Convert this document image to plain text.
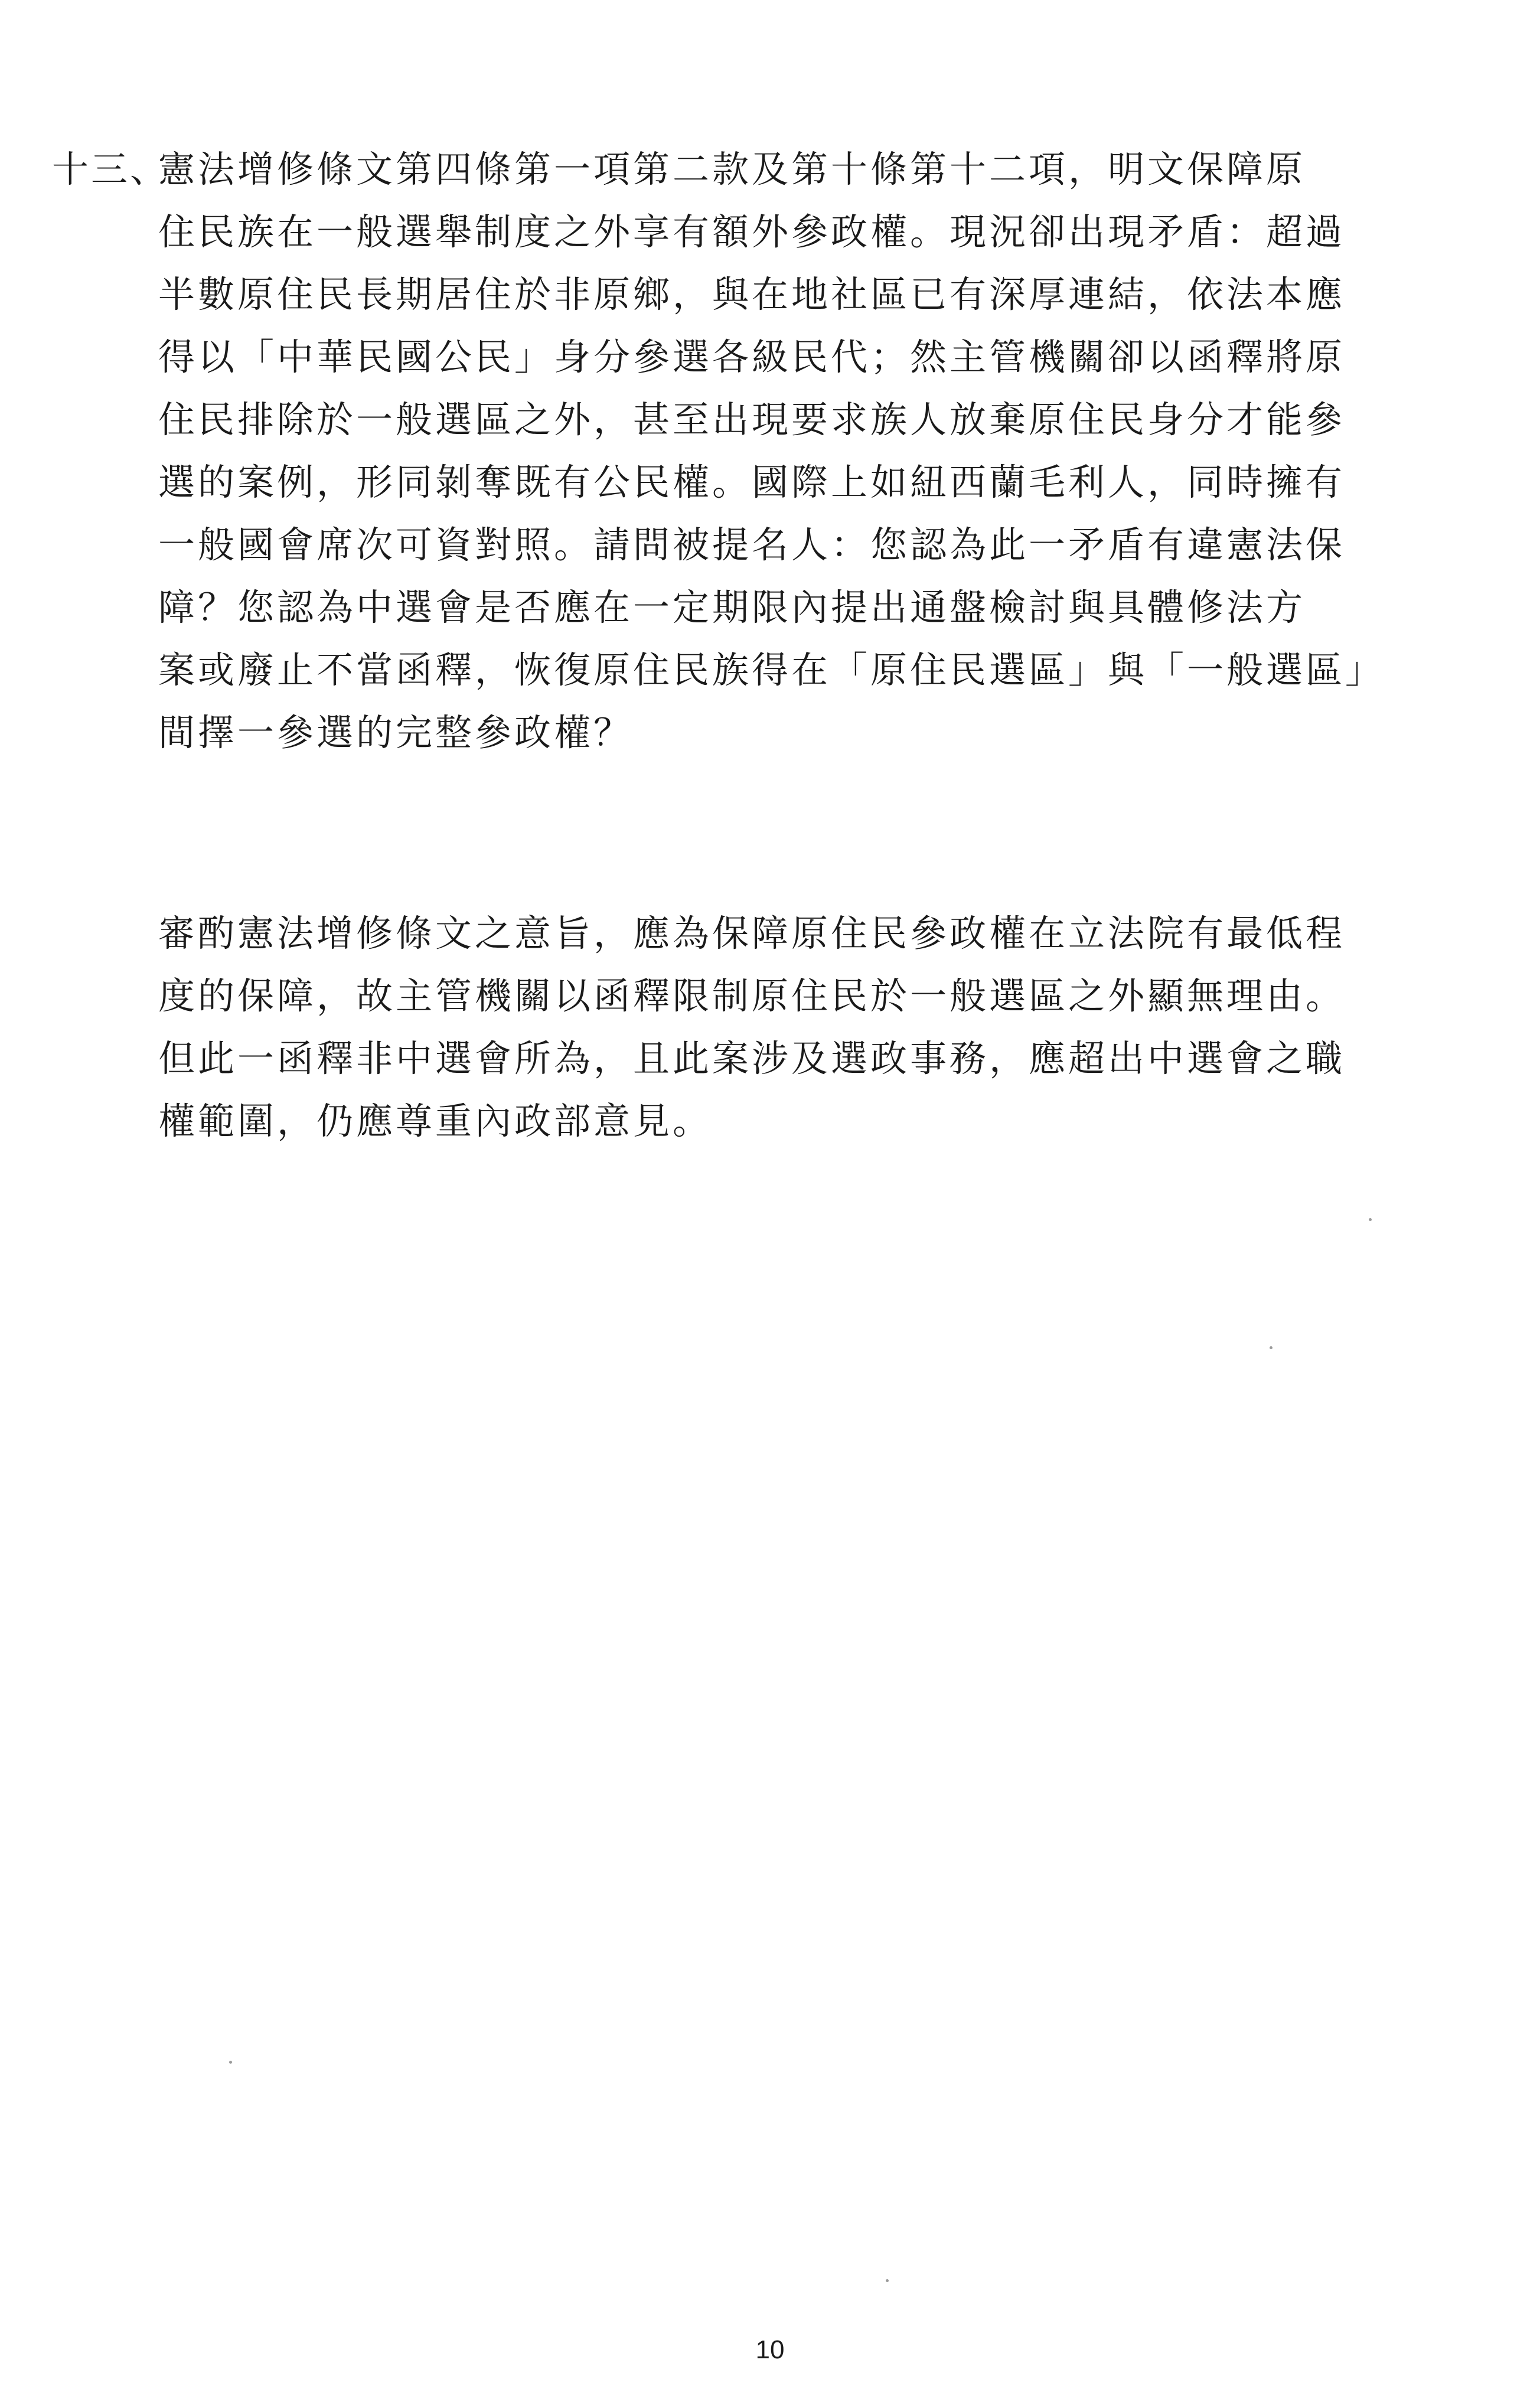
十三、
憲法增修條文第四條第一項第二款及第十條第十二項，明文保障原
住民族在一般選舉制度之外享有額外參政權。現況卻出現矛盾：超過
半數原住民長期居住於非原鄉，與在地社區已有深厚連結，依法本應
得以「中華民國公民」身分參選各級民代；然主管機關卻以函釋將原
住民排除於一般選區之外，甚至出現要求族人放棄原住民身分才能參
選的案例，形同剝奪既有公民權。國際上如紐西蘭毛利人，同時擁有
一般國會席次可資對照。請問被提名人：您認為此一矛盾有違憲法保
障？您認為中選會是否應在一定期限內提出通盤檢討與具體修法方
案或廢止不當函釋，恢復原住民族得在「原住民選區」與「一般選區」
間擇一參選的完整參政權？
審酌憲法增修條文之意旨，應為保障原住民參政權在立法院有最低程
度的保障，故主管機關以函釋限制原住民於一般選區之外顯無理由。
但此一函釋非中選會所為，且此案涉及選政事務，應超出中選會之職
權範圍，仍應尊重內政部意見。
10
